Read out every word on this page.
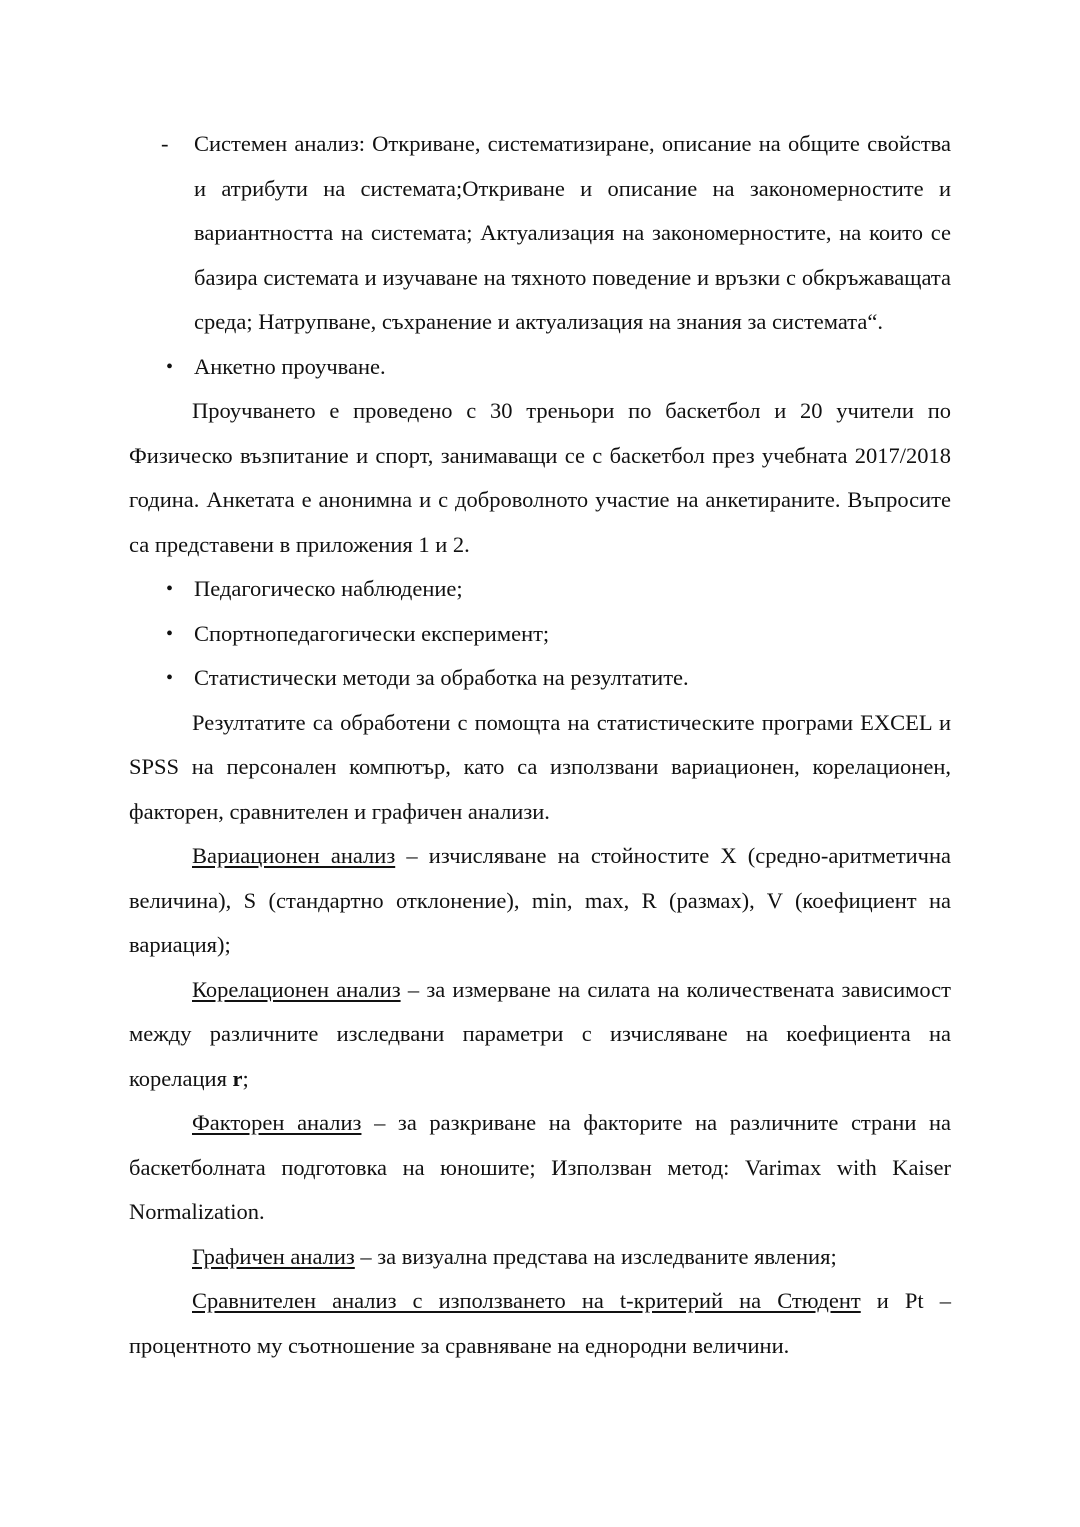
- Системен анализ: Откриване, систематизиране, описание на общите свойства и атрибути на системата;Откриване и описание на закономерностите и вариантността на системата; Актуализация на закономерностите, на които се базира системата и изучаване на тяхното поведение и връзки с обкръжаващата среда; Натрупване, съхранение и актуализация на знания за системата“.

• Анкетно проучване.

Проучването е проведено с 30 треньори по баскетбол и 20 учители по Физическо възпитание и спорт, занимаващи се с баскетбол през учебната 2017/2018 година. Анкетата е анонимна и с доброволното участие на анкетираните. Въпросите са представени в приложения 1 и 2.

• Педагогическо наблюдение;

• Спортнопедагогически експеримент;

• Статистически методи за обработка на резултатите.

Резултатите са обработени с помощта на статистическите програми EXCEL и SPSS на персонален компютър, като са използвани вариационен, корелационен, факторен, сравнителен и графичен анализи.

Вариационен анализ – изчисляване на стойностите X (средно-аритметична величина), S (стандартно отклонение), min, max, R (размах), V (коефициент на вариация);

Корелационен анализ – за измерване на силата на количествената зависимост между различните изследвани параметри с изчисляване на коефициента на корелация r;

Факторен анализ – за разкриване на факторите на различните страни на баскетболната подготовка на юношите; Използван метод: Varimax with Kaiser Normalization.

Графичен анализ – за визуална представа на изследваните явления;

Сравнителен анализ с използването на t-критерий на Стюдент и Pt – процентното му съотношение за сравняване на еднородни величини.
